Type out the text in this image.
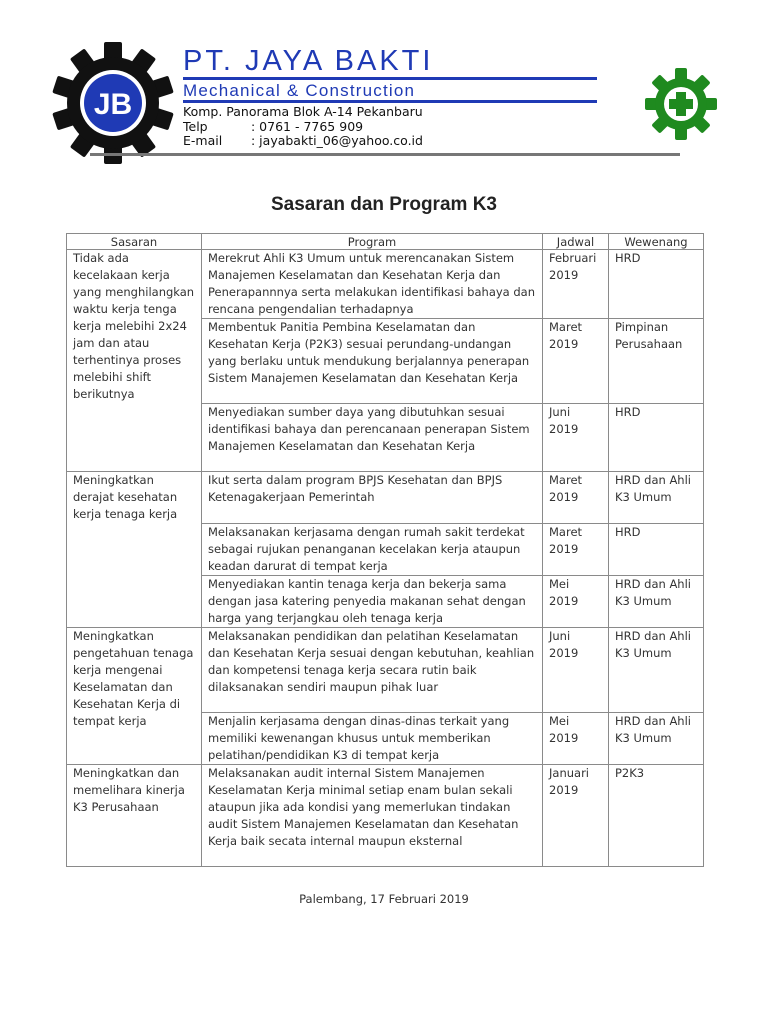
JB

PT. JAYA BAKTI

Mechanical & Construction

Komp. Panorama Blok A-14 Pekanbaru
Telp	: 0761 - 7765 909
E-mail : jayabakti_06@yahoo.co.id
Sasaran dan Program K3
Sasaran	Program	Jadwal	Wewenang
Tidak ada kecelakaan kerja yang menghilangkan waktu kerja tenga kerja melebihi 2x24 jam dan atau terhentinya proses melebihi shift berikutnya	Merekrut Ahli K3 Umum untuk merencanakan Sistem Manajemen Keselamatan dan Kesehatan Kerja dan Penerapannnya serta melakukan identifikasi bahaya dan rencana pengendalian terhadapnya	Februari 2019	HRD
	Membentuk Panitia Pembina Keselamatan dan Kesehatan Kerja (P2K3) sesuai perundang-undangan yang berlaku untuk mendukung berjalannya penerapan Sistem Manajemen Keselamatan dan Kesehatan Kerja	Maret 2019	Pimpinan Perusahaan
	Menyediakan sumber daya yang dibutuhkan sesuai identifikasi bahaya dan perencanaan penerapan Sistem Manajemen Keselamatan dan Kesehatan Kerja	Juni 2019	HRD
Meningkatkan derajat kesehatan kerja tenaga kerja	Ikut serta dalam program BPJS Kesehatan dan BPJS Ketenagakerjaan Pemerintah	Maret 2019	HRD dan Ahli K3 Umum
	Melaksanakan kerjasama dengan rumah sakit terdekat sebagai rujukan penanganan kecelakan kerja ataupun keadan darurat di tempat kerja	Maret 2019	HRD
	Menyediakan kantin tenaga kerja dan bekerja sama dengan jasa katering penyedia makanan sehat dengan harga yang terjangkau oleh tenaga kerja	Mei 2019	HRD dan Ahli K3 Umum
Meningkatkan pengetahuan tenaga kerja mengenai Keselamatan dan Kesehatan Kerja di tempat kerja	Melaksanakan pendidikan dan pelatihan Keselamatan dan Kesehatan Kerja sesuai dengan kebutuhan, keahlian dan kompetensi tenaga kerja secara rutin baik dilaksanakan sendiri maupun pihak luar	Juni 2019	HRD dan Ahli K3 Umum
	Menjalin kerjasama dengan dinas-dinas terkait yang memiliki kewenangan khusus untuk memberikan pelatihan/pendidikan K3 di tempat kerja	Mei 2019	HRD dan Ahli K3 Umum
Meningkatkan dan memelihara kinerja K3 Perusahaan	Melaksanakan audit internal Sistem Manajemen Keselamatan Kerja minimal setiap enam bulan sekali ataupun jika ada kondisi yang memerlukan tindakan audit Sistem Manajemen Keselamatan dan Kesehatan Kerja baik secata internal maupun eksternal	Januari 2019	P2K3
Palembang, 17 Februari 2019
